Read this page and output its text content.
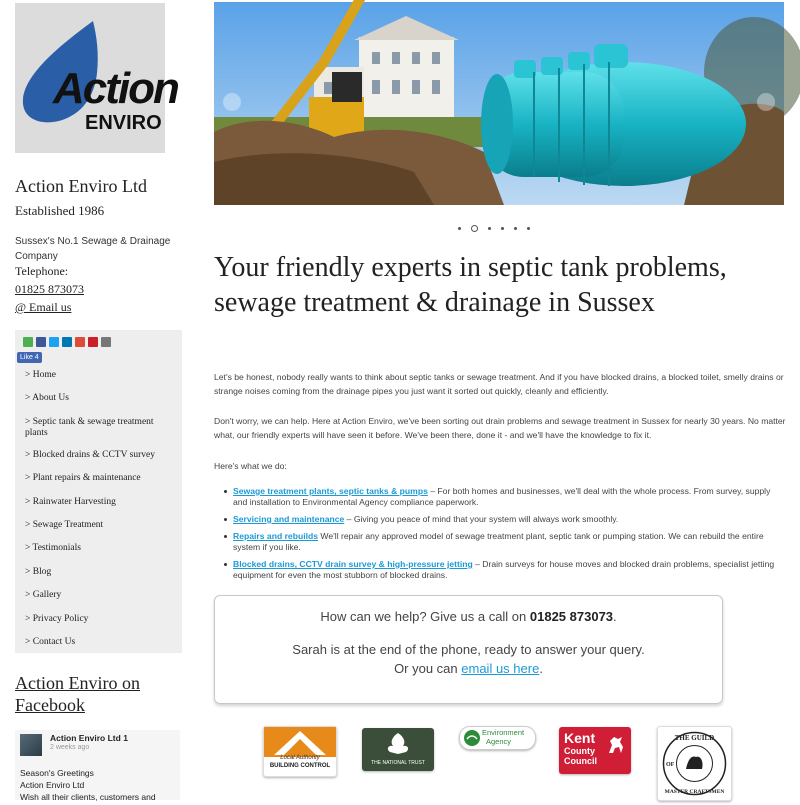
Action
ENVIRO
Action Enviro Ltd
Established 1986
Sussex's No.1 Sewage & Drainage Company
Telephone:
01825 873073
@ Email us
Like 4
> Home
> About Us
> Septic tank & sewage treatment plants
> Blocked drains & CCTV survey
> Plant repairs & maintenance
> Rainwater Harvesting
> Sewage Treatment
> Testimonials
> Blog
> Gallery
> Privacy Policy
> Contact Us
Action Enviro on Facebook
Action Enviro Ltd 1
2 weeks ago
Season's Greetings
Action Enviro Ltd
Wish all their clients, customers and
Your friendly experts in septic tank problems, sewage treatment & drainage in Sussex

Let's be honest, nobody really wants to think about septic tanks or sewage treatment. And if you have blocked drains, a blocked toilet, smelly drains or strange noises coming from the drainage pipes you just want it sorted out quickly, cleanly and efficiently.

Don't worry, we can help. Here at Action Enviro, we've been sorting out drain problems and sewage treatment in Sussex for nearly 30 years. No matter what, our friendly experts will have seen it before. We've been there, done it - and we'll have the knowledge to fix it.

Here's what we do:

Sewage treatment plants, septic tanks & pumps – For both homes and businesses, we'll deal with the whole process. From survey, supply and installation to Environmental Agency compliance paperwork.
Servicing and maintenance – Giving you peace of mind that your system will always work smoothly.
Repairs and rebuilds We'll repair any approved model of sewage treatment plant, septic tank or pumping station. We can rebuild the entire system if you like.
Blocked drains, CCTV drain survey & high-pressure jetting – Drain surveys for house moves and blocked drain problems, specialist jetting equipment for even the most stubborn of blocked drains.
How can we help? Give us a call on 01825 873073.
Sarah is at the end of the phone, ready to answer your query.
Or you can email us here.
Local Authority
BUILDING CONTROL	THE NATIONAL TRUST
Environment
Agency	Kent
County
Council
THE GUILD
MASTER CRAFTSMEN
OF
